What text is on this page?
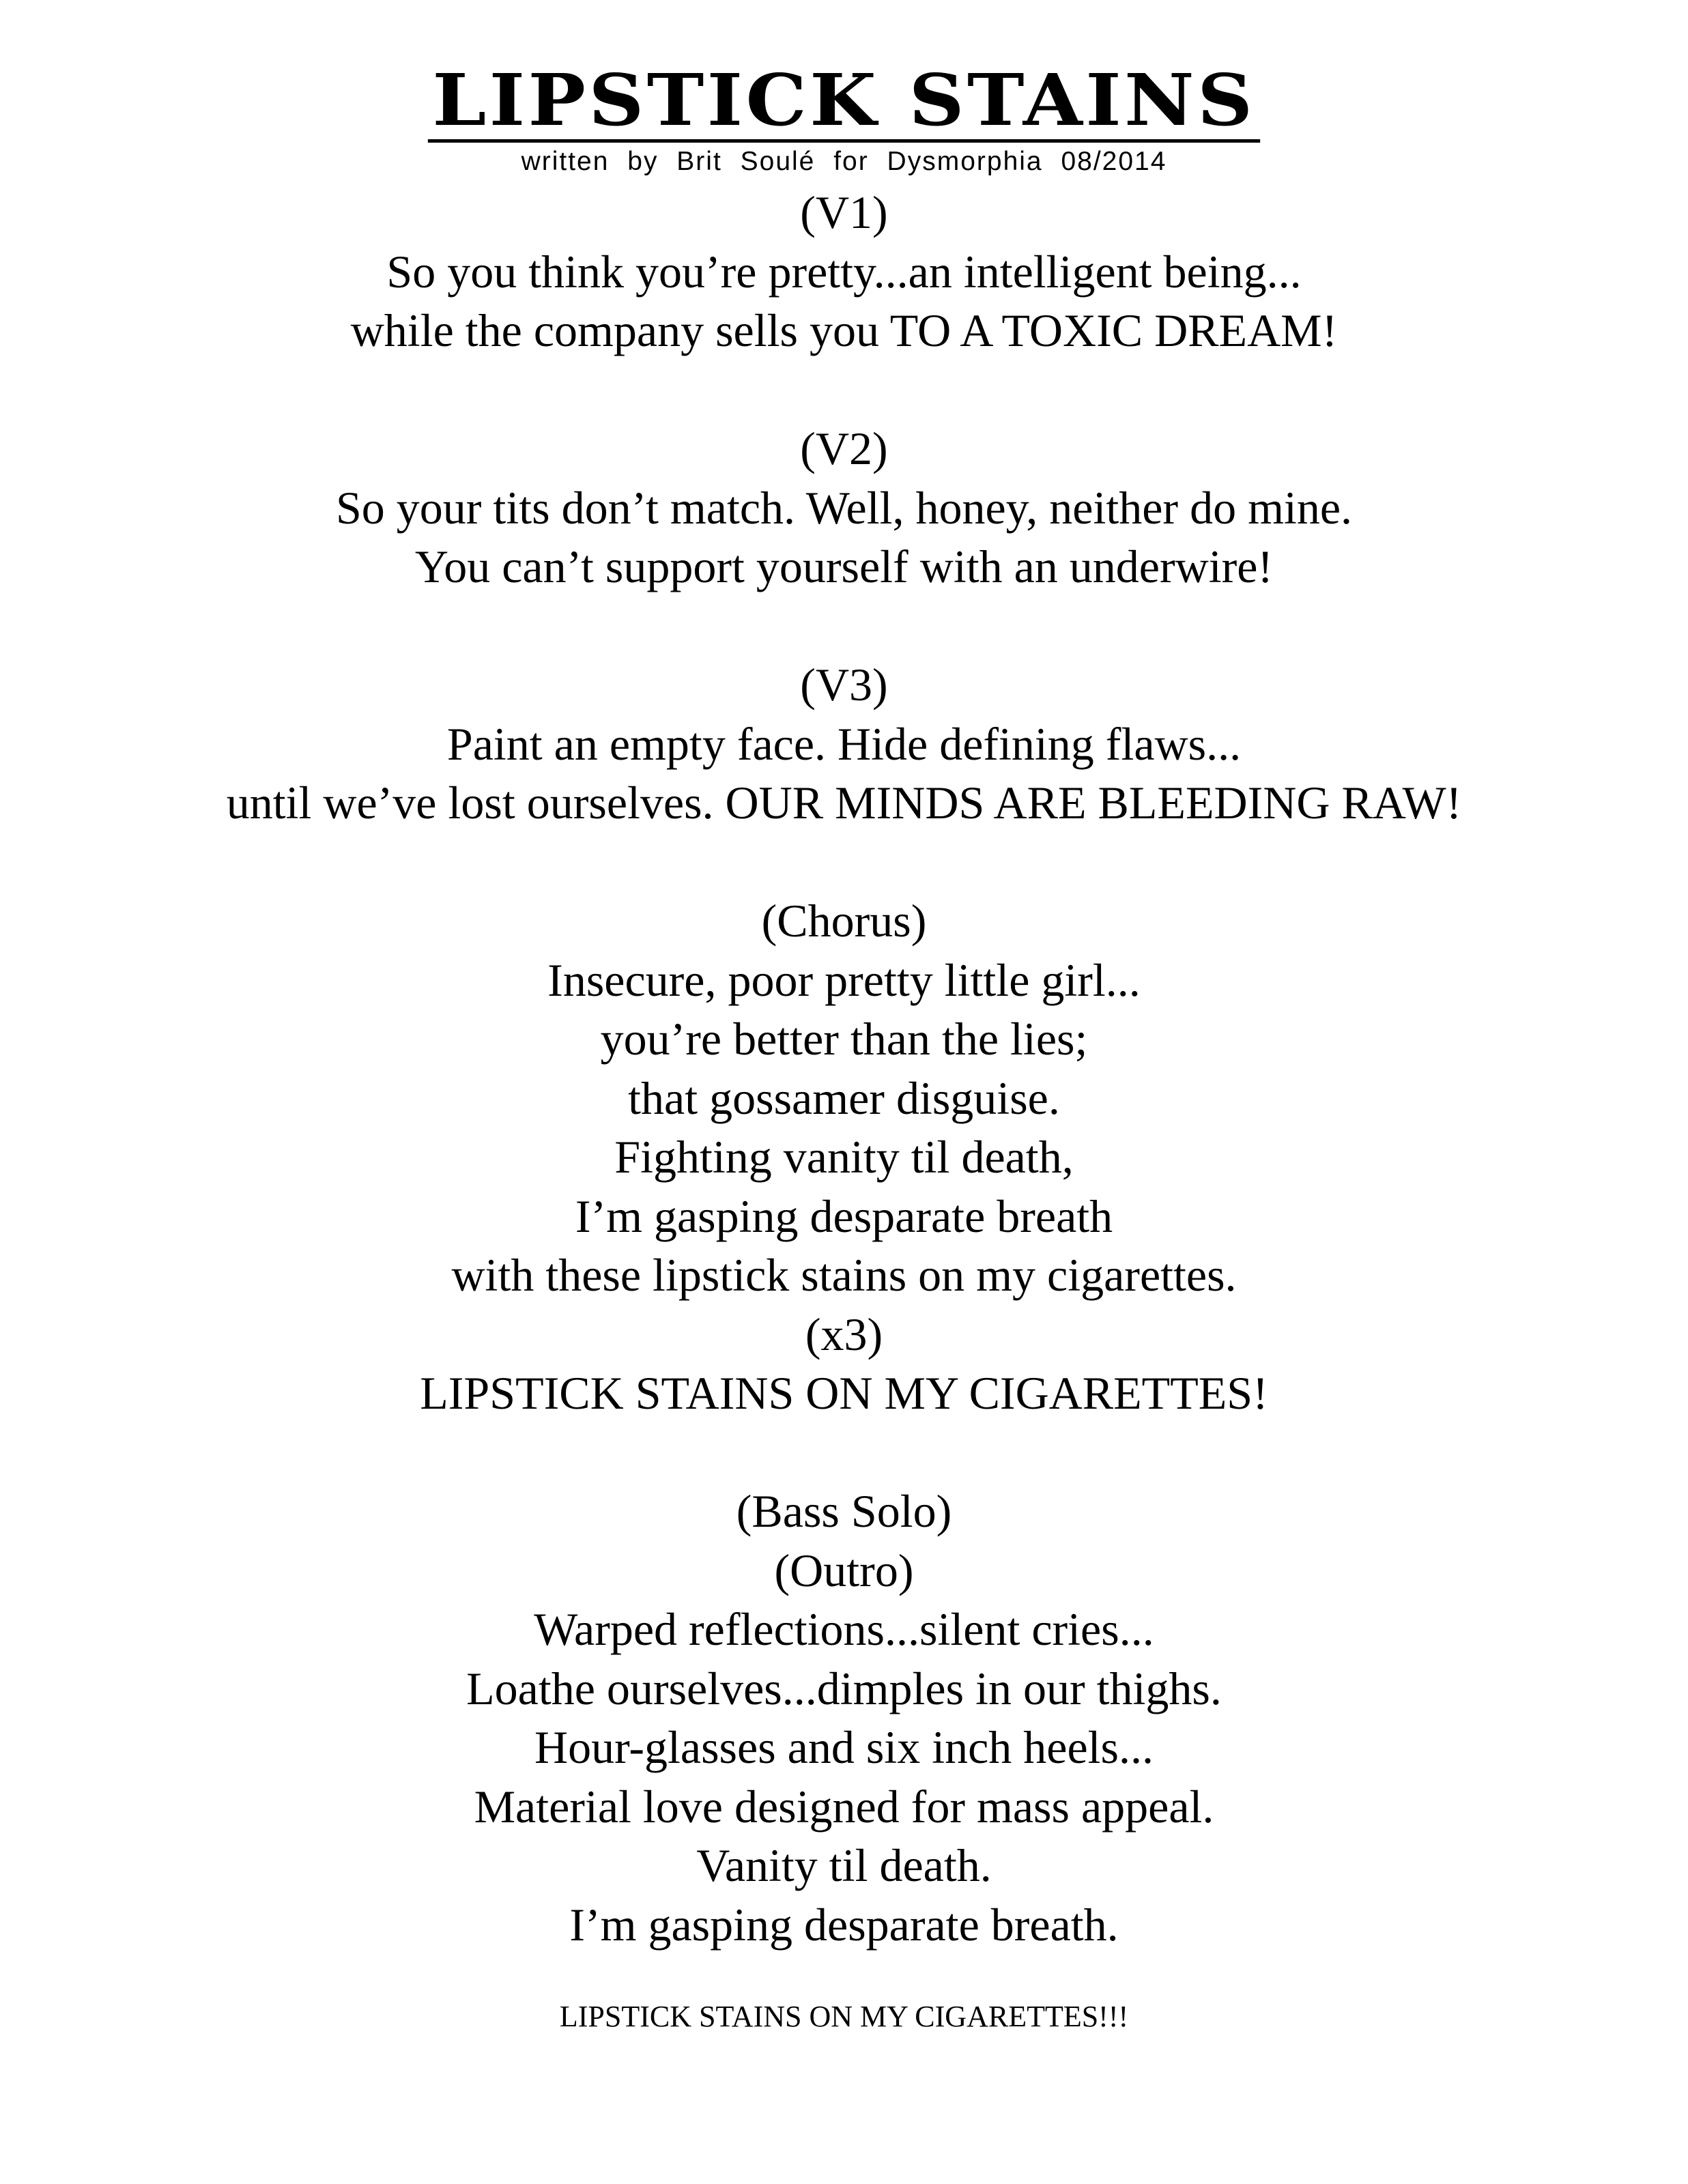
LIPSTICK STAINS
written by Brit Soulé for Dysmorphia 08/2014
(V1)
So you think you’re pretty...an intelligent being...
while the company sells you TO A TOXIC DREAM!
(V2)
So your tits don’t match. Well, honey, neither do mine.
You can’t support yourself with an underwire!
(V3)
Paint an empty face. Hide defining flaws...
until we’ve lost ourselves. OUR MINDS ARE BLEEDING RAW!
(Chorus)
Insecure, poor pretty little girl...
you’re better than the lies;
that gossamer disguise.
Fighting vanity til death,
I’m gasping desparate breath
with these lipstick stains on my cigarettes.
(x3)
LIPSTICK STAINS ON MY CIGARETTES!
(Bass Solo)
(Outro)
Warped reflections...silent cries...
Loathe ourselves...dimples in our thighs.
Hour-glasses and six inch heels...
Material love designed for mass appeal.
Vanity til death.
I’m gasping desparate breath.
LIPSTICK STAINS ON MY CIGARETTES!!!
